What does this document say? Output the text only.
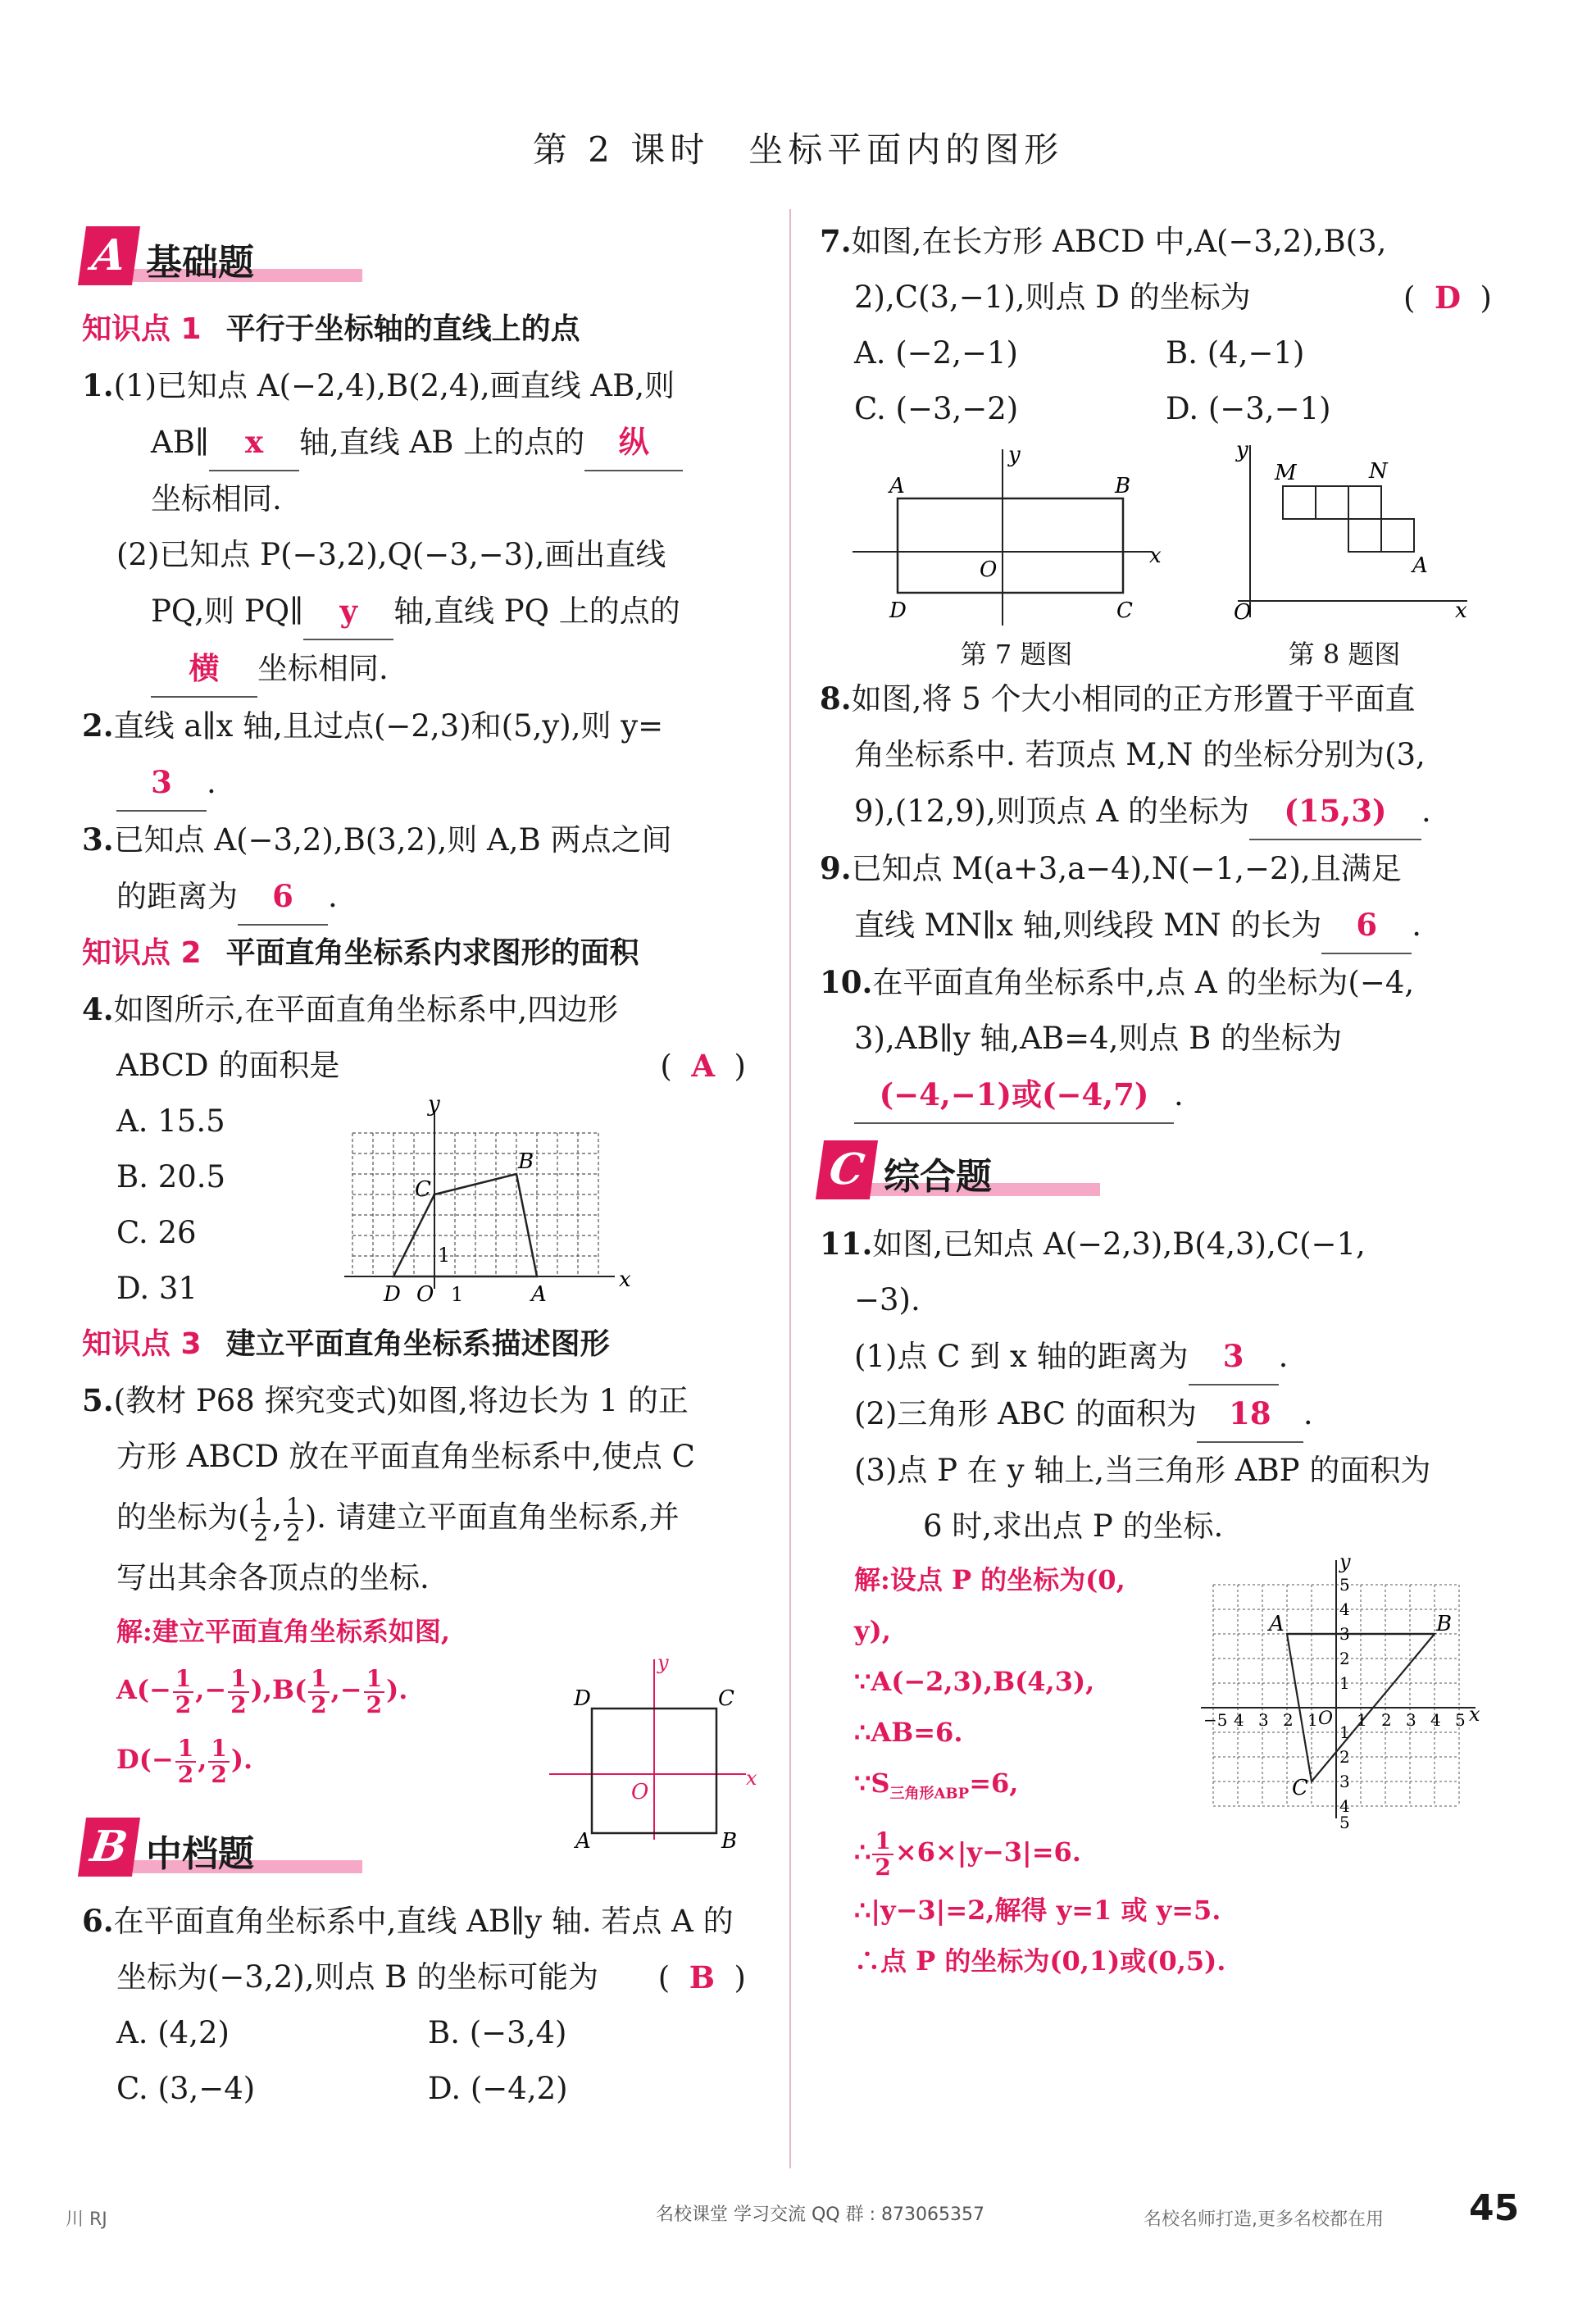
第 2 课时　坐标平面内的图形
A 基础题
知识点 1 平行于坐标轴的直线上的点
1.(1)已知点 A(−2,4),B(2,4),画直线 AB,则
AB∥ x 轴,直线 AB 上的点的 纵
坐标相同.
(2)已知点 P(−3,2),Q(−3,−3),画出直线
PQ,则 PQ∥ y 轴,直线 PQ 上的点的
横 坐标相同.
2.直线 a∥x 轴,且过点(−2,3)和(5,y),则 y=
3 .
3.已知点 A(−3,2),B(3,2),则 A,B 两点之间
的距离为 6 .
知识点 2 平面直角坐标系内求图形的面积
4.如图所示,在平面直角坐标系中,四边形
ABCD 的面积是	(  A  )
A. 15.5
B. 20.5
C. 26
D. 31
y
x
B
C
D O 1
1
A
知识点 3 建立平面直角坐标系描述图形
5.(教材 P68 探究变式)如图,将边长为 1 的正
方形 ABCD 放在平面直角坐标系中,使点 C
的坐标为( $\frac{1}{2}$ , $\frac{1}{2}$ ). 请建立平面直角坐标系,并
写出其余各顶点的坐标.
解:建立平面直角坐标系如图,
$A(- \frac{1}{2}$ ,− $\frac{1}{2} ),B( \frac{1}{2}$ ,− $\frac{1}{2}$ ).
$D(- \frac{1}{2}$ , $\frac{1}{2}$ ).
y
x
D	C
O
A	B
B 中档题
6.在平面直角坐标系中,直线 AB∥y 轴. 若点 A 的
坐标为(−3,2),则点 B 的坐标可能为 (  B  )
A. (4,2)	B. (−3,4)
C. (3,−4)	D. (−4,2)
7.如图,在长方形 ABCD 中,A(−3,2),B(3,
2),C(3,−1),则点 D 的坐标为	(  D  )
A. (−2,−1)	B. (4,−1)
C. (−3,−2)	D. (−3,−1)
y
x
A	B
O
D	C
第 7 题图
y
x
M	N
A
O
第 8 题图
8.如图,将 5 个大小相同的正方形置于平面直
角坐标系中. 若顶点 M,N 的坐标分别为(3,
9),(12,9),则顶点 A 的坐标为 (15,3) .
9.已知点 M(a+3,a−4),N(−1,−2),且满足
直线 MN∥x 轴,则线段 MN 的长为 6 .
10.在平面直角坐标系中,点 A 的坐标为(−4,
3),AB∥y 轴,AB=4,则点 B 的坐标为
(−4,−1)或(−4,7) .
C 综合题
11.如图,已知点 A(−2,3),B(4,3),C(−1,
−3).
(1)点 C 到 x 轴的距离为 3 .
(2)三角形 ABC 的面积为 18 .
(3)点 P 在 y 轴上,当三角形 ABP 的面积为
6 时,求出点 P 的坐标.
解:设点 P 的坐标为(0,
y),
∵A(−2,3),B(4,3),
∴AB=6.
$\because S_{三角形ABP}=6$,
∴ $\frac{1}{2} \times 6\times|y-3|=6$.
∴|y−3|=2,解得 y=1 或 y=5.
∴点 P 的坐标为(0,1)或(0,5).
y
x
A	B
C
O
−5 4 3 2 1 1 2 3 4 5
5
4
3
2
1
1
2
3
4
5
川 RJ	名校课堂 学习交流 QQ 群 : 873065357	名校名师打造,更多名校都在用 45
